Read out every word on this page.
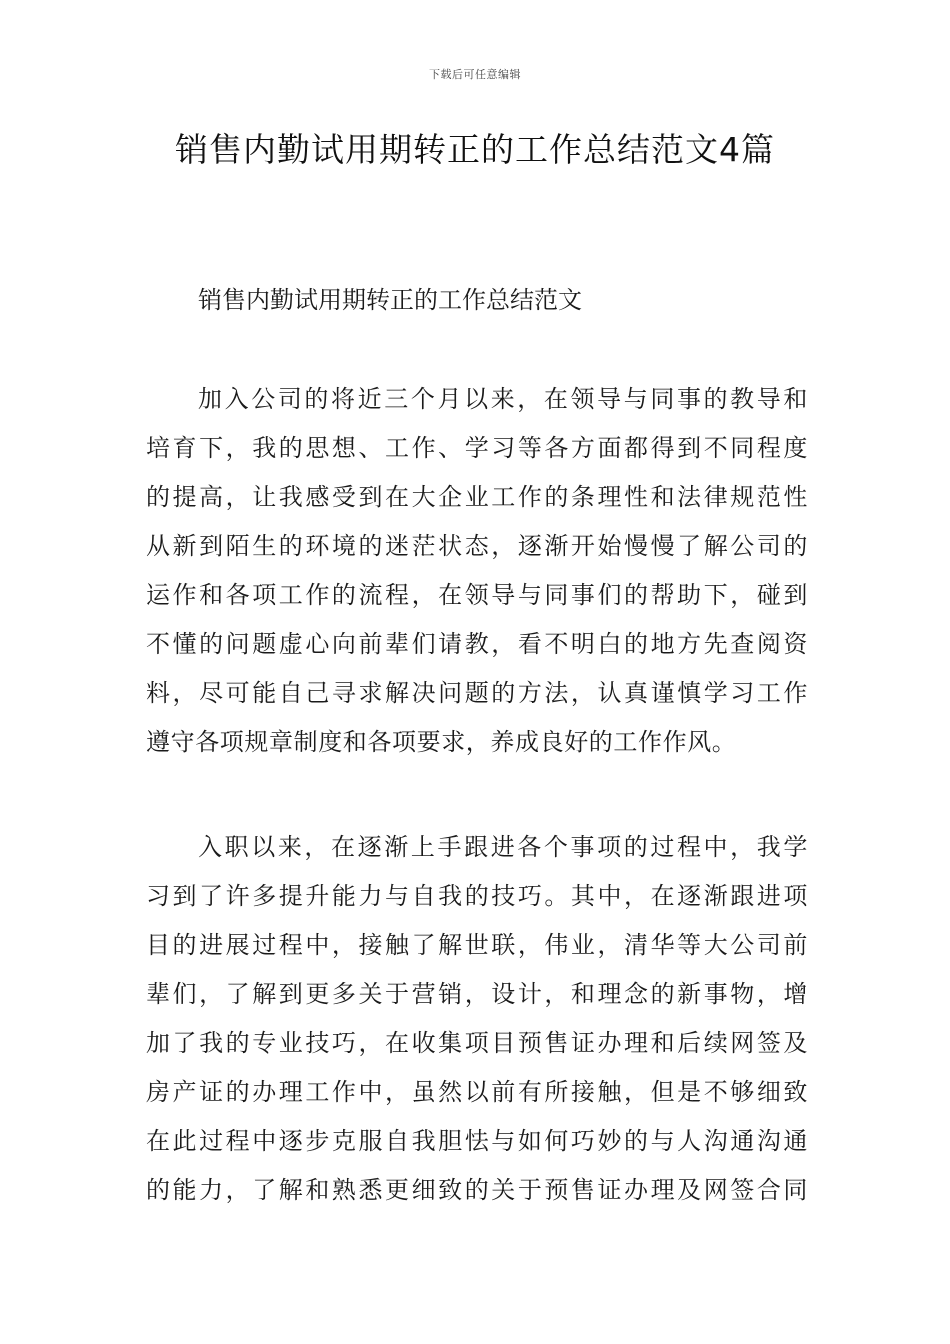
下载后可任意编辑
销售内勤试用期转正的工作总结范文4篇
销售内勤试用期转正的工作总结范文
加入公司的将近三个月以来，在领导与同事的教导和
培育下，我的思想、工作、学习等各方面都得到不同程度
的提高，让我感受到在大企业工作的条理性和法律规范性
从新到陌生的环境的迷茫状态，逐渐开始慢慢了解公司的
运作和各项工作的流程，在领导与同事们的帮助下，碰到
不懂的问题虚心向前辈们请教，看不明白的地方先查阅资
料，尽可能自己寻求解决问题的方法，认真谨慎学习工作
遵守各项规章制度和各项要求，养成良好的工作作风。
入职以来，在逐渐上手跟进各个事项的过程中，我学
习到了许多提升能力与自我的技巧。其中，在逐渐跟进项
目的进展过程中，接触了解世联，伟业，清华等大公司前
辈们，了解到更多关于营销，设计，和理念的新事物，增
加了我的专业技巧，在收集项目预售证办理和后续网签及
房产证的办理工作中，虽然以前有所接触，但是不够细致
在此过程中逐步克服自我胆怯与如何巧妙的与人沟通沟通
的能力，了解和熟悉更细致的关于预售证办理及网签合同
